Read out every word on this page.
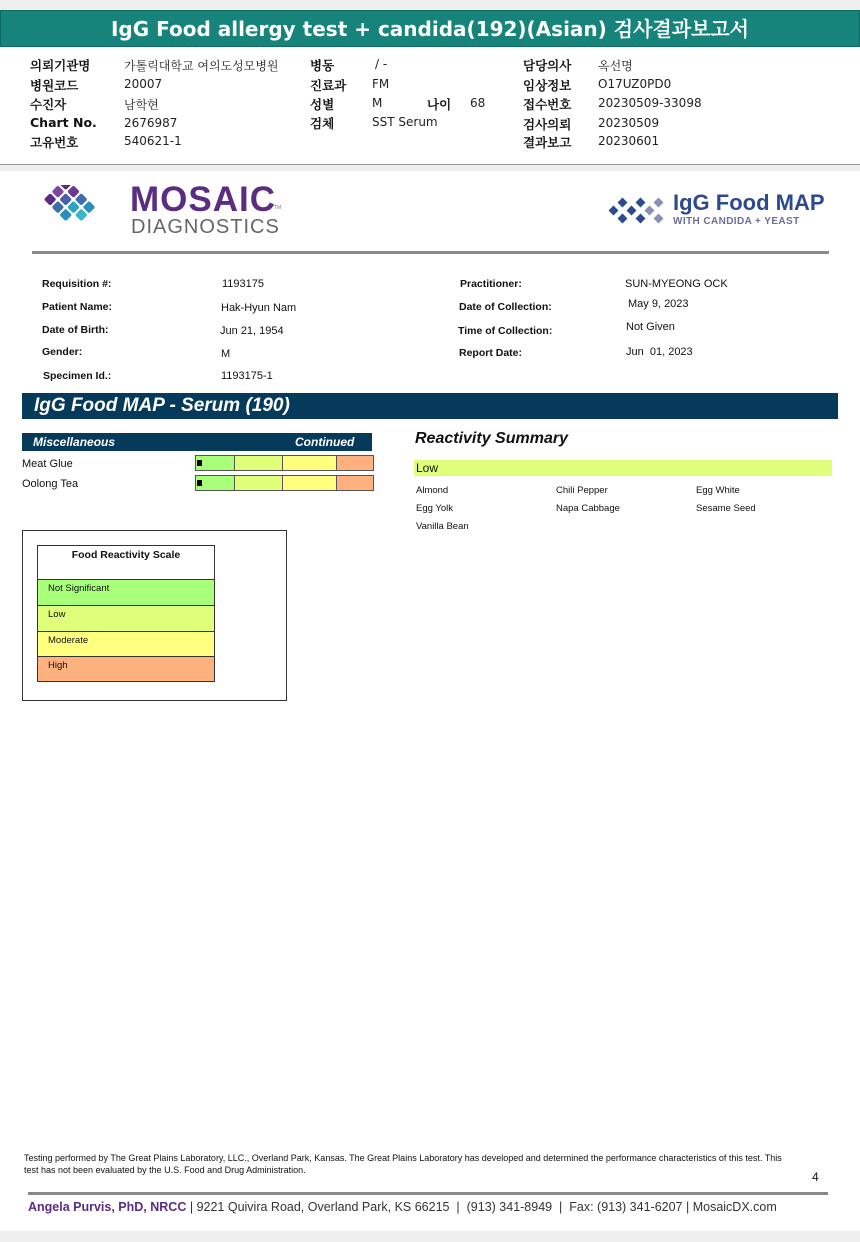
IgG Food allergy test + candida(192)(Asian) 검사결과보고서
의뢰기관명	가톨릭대학교 여의도성모병원
병원코드	20007
수진자	남학현
Chart No. 2676987
고유번호	540621-1
병동	/ -
진료과 FM
성별	M	나이 68
검체	SST Serum
담당의사 옥선명
임상정보 O17UZ0PD0
접수번호 20230509-33098
검사의뢰 20230509
결과보고 20230601
MOSAIC
TM
DIAGNOSTICS
IgG Food MAP
WITH CANDIDA + YEAST
Requisition #:	1193175
Patient Name:	Hak-Hyun Nam
Date of Birth:	Jun 21, 1954
Gender:	M
Specimen Id.:	1193175-1
Practitioner:	SUN-MYEONG OCK
Date of Collection:	May 9, 2023
Time of Collection:	Not Given
Report Date:	Jun  01, 2023
IgG Food MAP - Serum (190)
Miscellaneous	Continued
Meat Glue
Oolong Tea
Reactivity Summary
Low
Almond	Chili Pepper	Egg White
Egg Yolk	Napa Cabbage	Sesame Seed
Vanilla Bean
Food Reactivity Scale
Not Significant
Low
Moderate
High
Testing performed by The Great Plains Laboratory, LLC., Overland Park, Kansas. The Great Plains Laboratory has developed and determined the performance characteristics of this test. This test has not been evaluated by the U.S. Food and Drug Administration.	4
Angela Purvis, PhD, NRCC | 9221 Quivira Road, Overland Park, KS 66215  |  (913) 341-8949  |  Fax: (913) 341-6207 | MosaicDX.com
